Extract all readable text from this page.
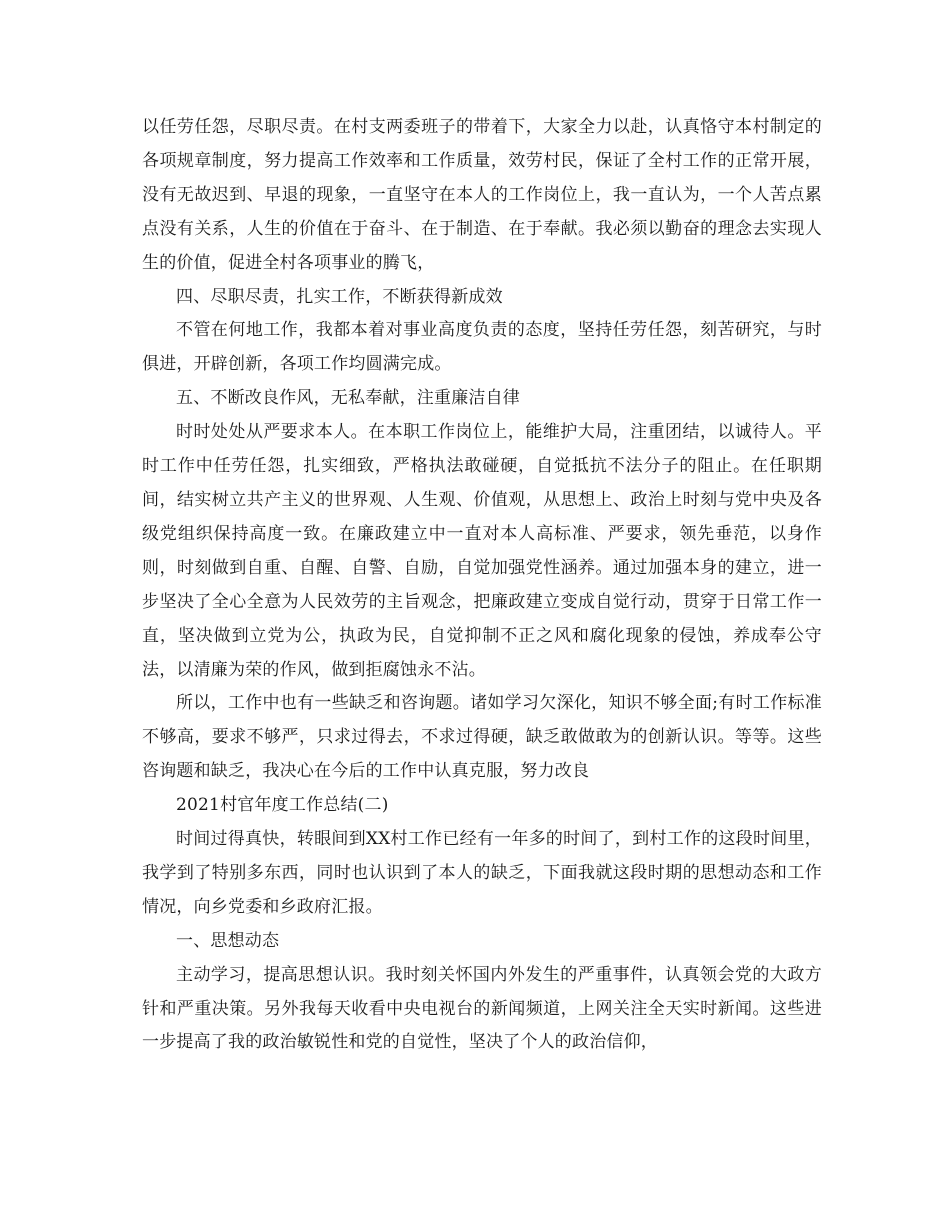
以任劳任怨，尽职尽责。在村支两委班子的带着下，大家全力以赴，认真恪守本村制定的各项规章制度，努力提高工作效率和工作质量，效劳村民，保证了全村工作的正常开展，没有无故迟到、早退的现象，一直坚守在本人的工作岗位上，我一直认为，一个人苦点累点没有关系，人生的价值在于奋斗、在于制造、在于奉献。我必须以勤奋的理念去实现人生的价值，促进全村各项事业的腾飞，

四、尽职尽责，扎实工作，不断获得新成效

不管在何地工作，我都本着对事业高度负责的态度，坚持任劳任怨，刻苦研究，与时俱进，开辟创新，各项工作均圆满完成。

五、不断改良作风，无私奉献，注重廉洁自律

时时处处从严要求本人。在本职工作岗位上，能维护大局，注重团结，以诚待人。平时工作中任劳任怨，扎实细致，严格执法敢碰硬，自觉抵抗不法分子的阻止。在任职期间，结实树立共产主义的世界观、人生观、价值观，从思想上、政治上时刻与党中央及各级党组织保持高度一致。在廉政建立中一直对本人高标准、严要求，领先垂范，以身作则，时刻做到自重、自醒、自警、自励，自觉加强党性涵养。通过加强本身的建立，进一步坚决了全心全意为人民效劳的主旨观念，把廉政建立变成自觉行动，贯穿于日常工作一直，坚决做到立党为公，执政为民，自觉抑制不正之风和腐化现象的侵蚀，养成奉公守法，以清廉为荣的作风，做到拒腐蚀永不沾。

所以，工作中也有一些缺乏和咨询题。诸如学习欠深化，知识不够全面;有时工作标准不够高，要求不够严，只求过得去，不求过得硬，缺乏敢做敢为的创新认识。等等。这些咨询题和缺乏，我决心在今后的工作中认真克服，努力改良

2021村官年度工作总结(二)

时间过得真快，转眼间到XX村工作已经有一年多的时间了，到村工作的这段时间里，我学到了特别多东西，同时也认识到了本人的缺乏，下面我就这段时期的思想动态和工作情况，向乡党委和乡政府汇报。

一、思想动态

主动学习，提高思想认识。我时刻关怀国内外发生的严重事件，认真领会党的大政方针和严重决策。另外我每天收看中央电视台的新闻频道，上网关注全天实时新闻。这些进一步提高了我的政治敏锐性和党的自觉性，坚决了个人的政治信仰，
